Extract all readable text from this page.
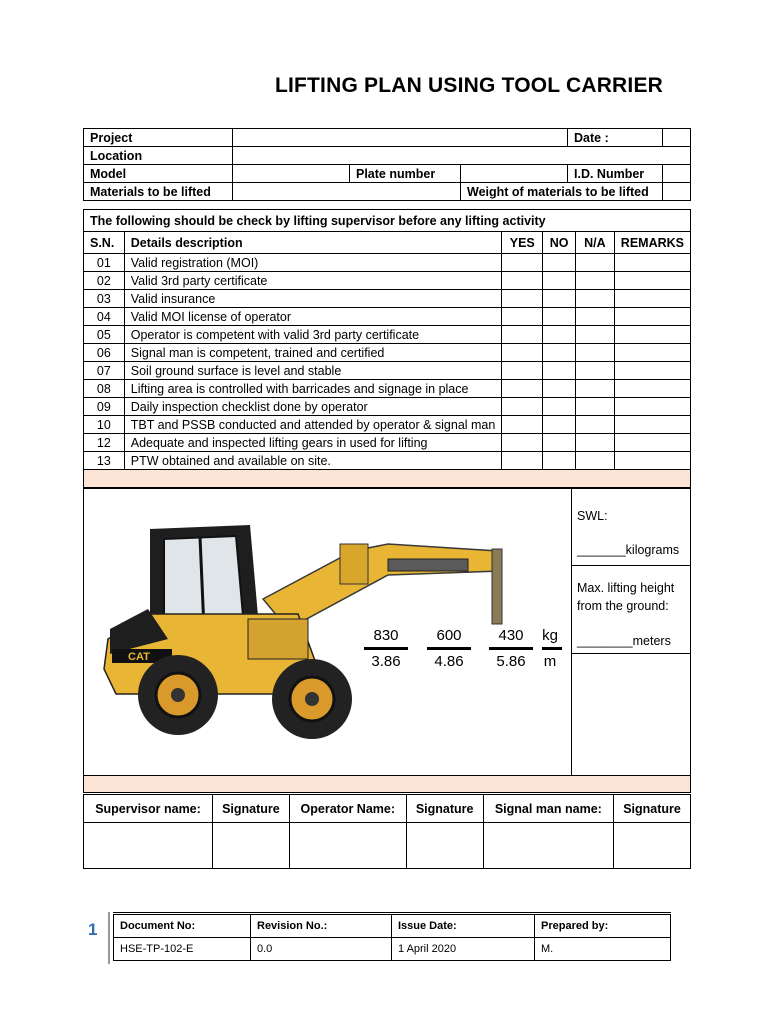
LIFTING PLAN USING TOOL CARRIER
Project				Date :	
Location					
Model		Plate number		I.D. Number	
Materials to be lifted			Weight of materials to be lifted		
The following should be check by lifting supervisor before any lifting activity					
S.N.	Details description	YES	NO	N/A	REMARKS
01	Valid registration (MOI)				
02	Valid 3rd party certificate				
03	Valid insurance				
04	Valid MOI license of operator				
05	Operator is competent with valid 3rd party certificate				
06	Signal man is competent, trained and certified				
07	Soil ground surface is level and stable				
08	Lifting area is controlled with barricades and signage in place				
09	Daily inspection checklist done by operator				
10	TBT and PSSB conducted and attended by operator & signal man				
12	Adequate and inspected lifting gears in used for lifting				
13	PTW obtained and available on site.				

CAT
830
3.86
600
4.86
430
5.86
kg
m
SWL:
_______kilograms
Max. lifting height
from the ground:
________meters
Supervisor name:	Signature	Operator Name:	Signature	Signal man name:	Signature

1 Document No:	Revision No.:	Issue Date:	Prepared by:
HSE-TP-102-E	0.0	1 April 2020	M.
